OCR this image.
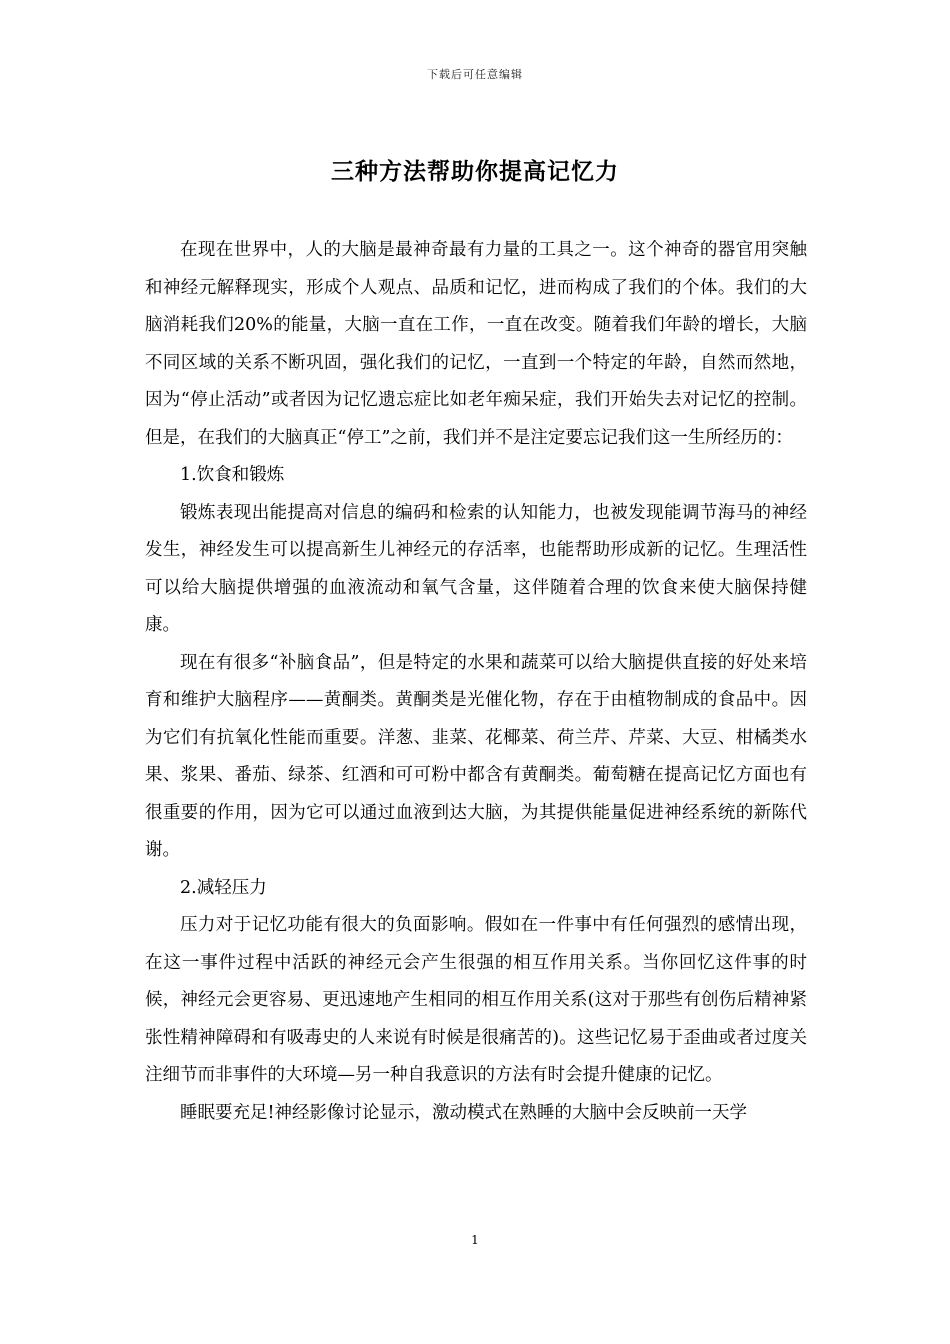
下载后可任意编辑
三种方法帮助你提高记忆力

在现在世界中，人的大脑是最神奇最有力量的工具之一。这个神奇的器官用突触和神经元解释现实，形成个人观点、品质和记忆，进而构成了我们的个体。我们的大脑消耗我们20%的能量，大脑一直在工作，一直在改变。随着我们年龄的增长，大脑不同区域的关系不断巩固，强化我们的记忆，一直到一个特定的年龄，自然而然地，因为“停止活动”或者因为记忆遗忘症比如老年痴呆症，我们开始失去对记忆的控制。但是，在我们的大脑真正“停工”之前，我们并不是注定要忘记我们这一生所经历的：

1.饮食和锻炼

锻炼表现出能提高对信息的编码和检索的认知能力，也被发现能调节海马的神经发生，神经发生可以提高新生儿神经元的存活率，也能帮助形成新的记忆。生理活性可以给大脑提供增强的血液流动和氧气含量，这伴随着合理的饮食来使大脑保持健康。

现在有很多“补脑食品”，但是特定的水果和蔬菜可以给大脑提供直接的好处来培育和维护大脑程序——黄酮类。黄酮类是光催化物，存在于由植物制成的食品中。因为它们有抗氧化性能而重要。洋葱、韭菜、花椰菜、荷兰芹、芹菜、大豆、柑橘类水果、浆果、番茄、绿茶、红酒和可可粉中都含有黄酮类。葡萄糖在提高记忆方面也有很重要的作用，因为它可以通过血液到达大脑，为其提供能量促进神经系统的新陈代谢。

2.减轻压力

压力对于记忆功能有很大的负面影响。假如在一件事中有任何强烈的感情出现，在这一事件过程中活跃的神经元会产生很强的相互作用关系。当你回忆这件事的时候，神经元会更容易、更迅速地产生相同的相互作用关系(这对于那些有创伤后精神紧张性精神障碍和有吸毒史的人来说有时候是很痛苦的)。这些记忆易于歪曲或者过度关注细节而非事件的大环境—另一种自我意识的方法有时会提升健康的记忆。

睡眠要充足!神经影像讨论显示，激动模式在熟睡的大脑中会反映前一天学

1
